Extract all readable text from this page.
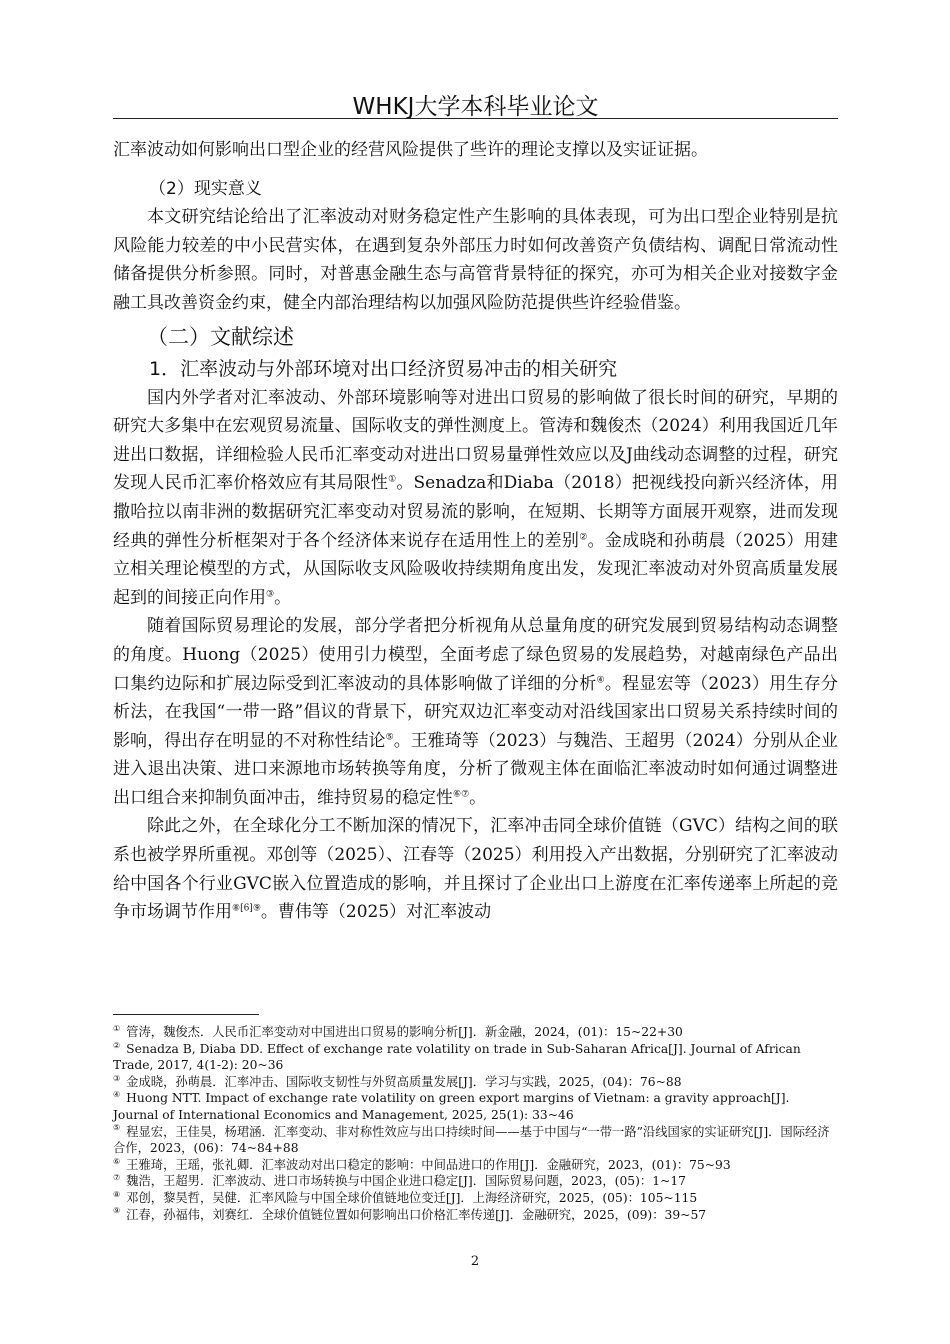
WHKJ大学本科毕业论文

汇率波动如何影响出口型企业的经营风险提供了些许的理论支撑以及实证证据。

（2）现实意义

本文研究结论给出了汇率波动对财务稳定性产生影响的具体表现，可为出口型企业特别是抗风险能力较差的中小民营实体，在遇到复杂外部压力时如何改善资产负债结构、调配日常流动性储备提供分析参照。同时，对普惠金融生态与高管背景特征的探究，亦可为相关企业对接数字金融工具改善资金约束，健全内部治理结构以加强风险防范提供些许经验借鉴。

（二）文献综述
1．汇率波动与外部环境对出口经济贸易冲击的相关研究

国内外学者对汇率波动、外部环境影响等对进出口贸易的影响做了很长时间的研究，早期的研究大多集中在宏观贸易流量、国际收支的弹性测度上。管涛和魏俊杰（2024）利用我国近几年进出口数据，详细检验人民币汇率变动对进出口贸易量弹性效应以及J曲线动态调整的过程，研究发现人民币汇率价格效应有其局限性①。Senadza和Diaba（2018）把视线投向新兴经济体，用撒哈拉以南非洲的数据研究汇率变动对贸易流的影响，在短期、长期等方面展开观察，进而发现经典的弹性分析框架对于各个经济体来说存在适用性上的差别②。金成晓和孙萌晨（2025）用建立相关理论模型的方式，从国际收支风险吸收持续期角度出发，发现汇率波动对外贸高质量发展起到的间接正向作用③。

随着国际贸易理论的发展，部分学者把分析视角从总量角度的研究发展到贸易结构动态调整的角度。Huong（2025）使用引力模型，全面考虑了绿色贸易的发展趋势，对越南绿色产品出口集约边际和扩展边际受到汇率波动的具体影响做了详细的分析④。程显宏等（2023）用生存分析法，在我国“一带一路”倡议的背景下，研究双边汇率变动对沿线国家出口贸易关系持续时间的影响，得出存在明显的不对称性结论⑤。王雅琦等（2023）与魏浩、王超男（2024）分别从企业进入退出决策、进口来源地市场转换等角度，分析了微观主体在面临汇率波动时如何通过调整进出口组合来抑制负面冲击，维持贸易的稳定性⑥⑦。

除此之外，在全球化分工不断加深的情况下，汇率冲击同全球价值链（GVC）结构之间的联系也被学界所重视。邓创等（2025）、江春等（2025）利用投入产出数据，分别研究了汇率波动给中国各个行业GVC嵌入位置造成的影响，并且探讨了企业出口上游度在汇率传递率上所起的竞争市场调节作用$^{⑧[6]⑨}$。曹伟等（2025）对汇率波动

① 管涛，魏俊杰．人民币汇率变动对中国进出口贸易的影响分析[J]．新金融，2024，(01)：15~22+30
② Senadza B, Diaba DD. Effect of exchange rate volatility on trade in Sub-Saharan Africa[J]. Journal of African Trade, 2017, 4(1-2): 20~36
③ 金成晓，孙萌晨．汇率冲击、国际收支韧性与外贸高质量发展[J]．学习与实践，2025，(04)：76~88
④ Huong NTT. Impact of exchange rate volatility on green export margins of Vietnam: a gravity approach[J]. Journal of International Economics and Management, 2025, 25(1): 33~46
⑤ 程显宏，王佳昊，杨珺涵．汇率变动、非对称性效应与出口持续时间——基于中国与“一带一路”沿线国家的实证研究[J]．国际经济合作，2023，(06)：74~84+88
⑥ 王雅琦，王瑶，张礼卿．汇率波动对出口稳定的影响：中间品进口的作用[J]．金融研究，2023，(01)：75~93
⑦ 魏浩，王超男．汇率波动、进口市场转换与中国企业进口稳定[J]．国际贸易问题，2023，(05)：1~17
⑧ 邓创，黎昊哲，吴健．汇率风险与中国全球价值链地位变迁[J]．上海经济研究，2025，(05)：105~115
⑨ 江春，孙福伟，刘赛红．全球价值链位置如何影响出口价格汇率传递[J]．金融研究，2025，(09)：39~57
2
